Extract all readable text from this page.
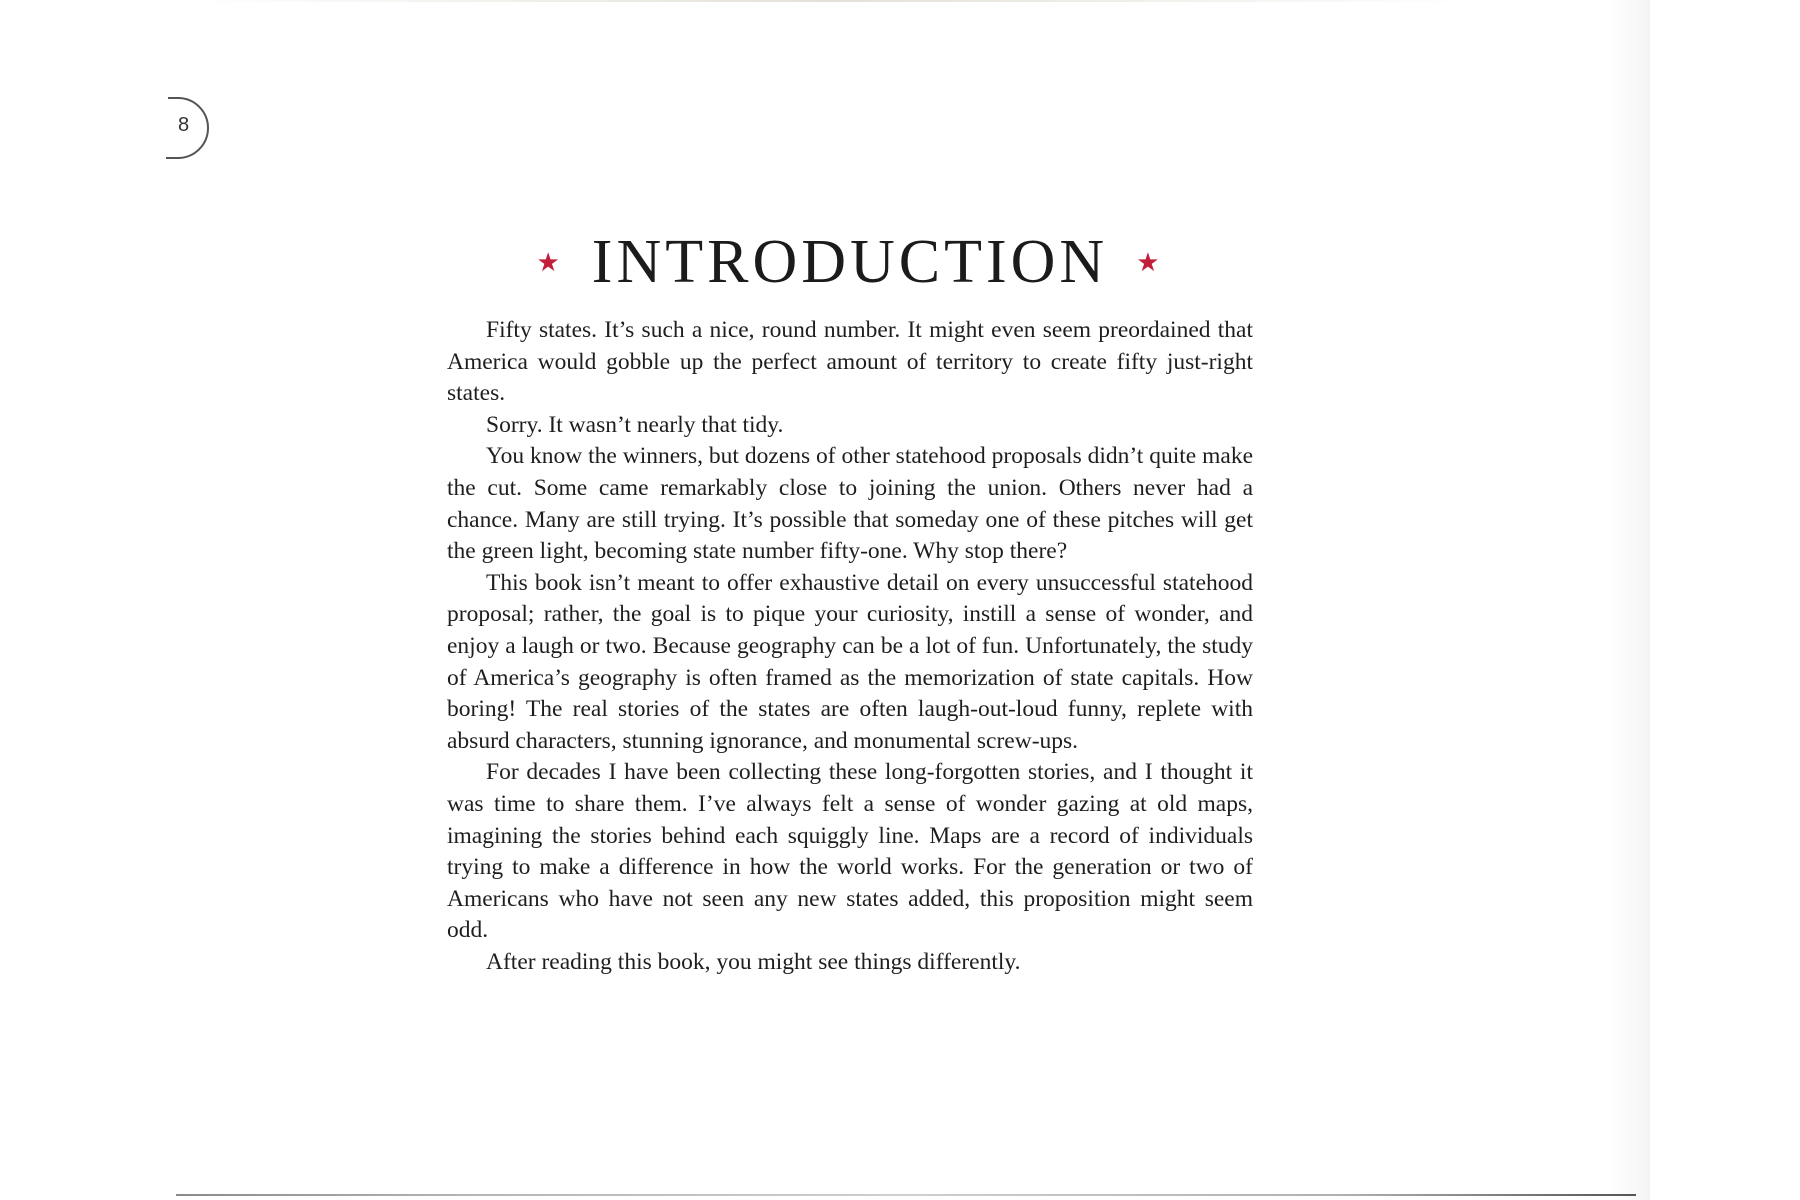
8
★ INTRODUCTION ★

Fifty states. It’s such a nice, round number. It might even seem preordained that America would gobble up the perfect amount of territory to create fifty just-right states.

Sorry. It wasn’t nearly that tidy.

You know the winners, but dozens of other statehood proposals didn’t quite make the cut. Some came remarkably close to joining the union. Others never had a chance. Many are still trying. It’s possible that someday one of these pitches will get the green light, becoming state number fifty-one. Why stop there?

This book isn’t meant to offer exhaustive detail on every unsuccessful statehood proposal; rather, the goal is to pique your curiosity, instill a sense of wonder, and enjoy a laugh or two. Because geography can be a lot of fun. Unfortunately, the study of America’s geography is often framed as the memorization of state capitals. How boring! The real stories of the states are often laugh-out-loud funny, replete with absurd characters, stunning ignorance, and monumental screw-ups.

For decades I have been collecting these long-forgotten stories, and I thought it was time to share them. I’ve always felt a sense of wonder gazing at old maps, imagining the stories behind each squiggly line. Maps are a record of individuals trying to make a difference in how the world works. For the generation or two of Americans who have not seen any new states added, this proposition might seem odd.

After reading this book, you might see things differently.
